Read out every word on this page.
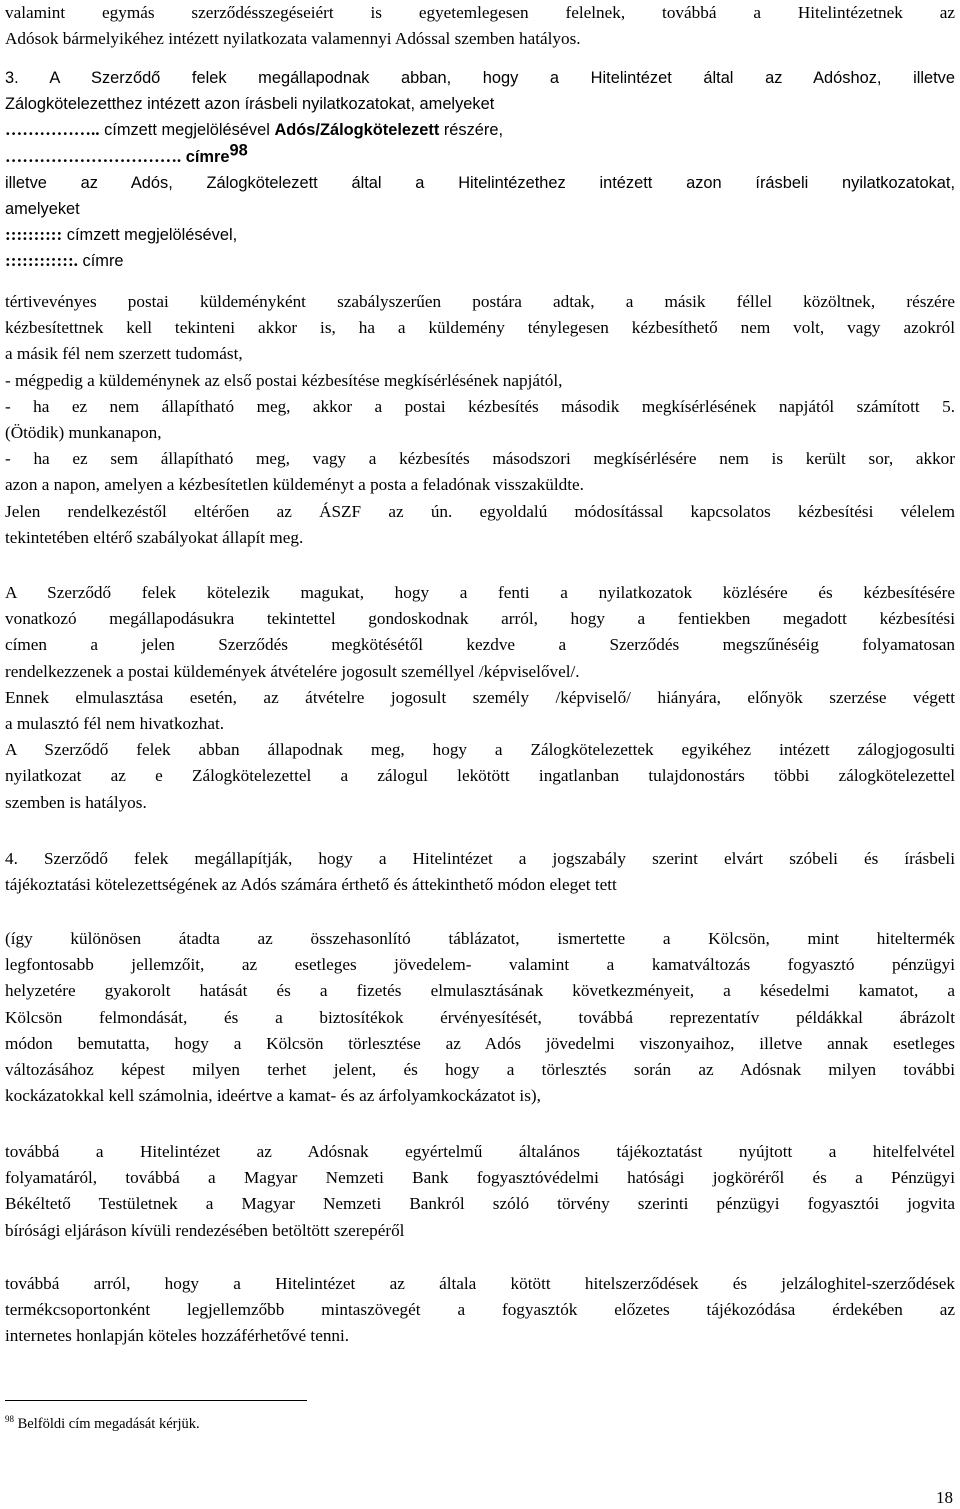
valamint egymás szerződésszegéseiért is egyetemlegesen felelnek, továbbá a Hitelintézetnek az
Adósok bármelyikéhez intézett nyilatkozata valamennyi Adóssal szemben hatályos.
3. A Szerződő felek megállapodnak abban, hogy a Hitelintézet által az Adóshoz, illetve
Zálogkötelezetthez intézett azon írásbeli nyilatkozatokat, amelyeket
…………….. címzett megjelölésével Adós/Zálogkötelezett részére,
…………………………. címre$^{98}$
illetve az Adós, Zálogkötelezett által a Hitelintézethez intézett azon írásbeli nyilatkozatokat,
amelyeket
:::::::::: címzett megjelölésével,
::::::::::::. címre
tértivevényes postai küldeményként szabályszerűen postára adtak, a másik féllel közöltnek, részére
kézbesítettnek kell tekinteni akkor is, ha a küldemény ténylegesen kézbesíthető nem volt, vagy azokról
a másik fél nem szerzett tudomást,
- mégpedig a küldeménynek az első postai kézbesítése megkísérlésének napjától,
- ha ez nem állapítható meg, akkor a postai kézbesítés második megkísérlésének napjától számított 5.
(Ötödik) munkanapon,
- ha ez sem állapítható meg, vagy a kézbesítés másodszori megkísérlésére nem is került sor, akkor
azon a napon, amelyen a kézbesítetlen küldeményt a posta a feladónak visszaküldte.
Jelen rendelkezéstől eltérően az ÁSZF az ún. egyoldalú módosítással kapcsolatos kézbesítési vélelem
tekintetében eltérő szabályokat állapít meg.
A Szerződő felek kötelezik magukat, hogy a fenti a nyilatkozatok közlésére és kézbesítésére
vonatkozó megállapodásukra tekintettel gondoskodnak arról, hogy a fentiekben megadott kézbesítési
címen a jelen Szerződés megkötésétől kezdve a Szerződés megszűnéséig folyamatosan
rendelkezzenek a postai küldemények átvételére jogosult személlyel /képviselővel/.
Ennek elmulasztása esetén, az átvételre jogosult személy /képviselő/ hiányára, előnyök szerzése végett
a mulasztó fél nem hivatkozhat.
A Szerződő felek abban állapodnak meg, hogy a Zálogkötelezettek egyikéhez intézett zálogjogosulti
nyilatkozat az e Zálogkötelezettel a zálogul lekötött ingatlanban tulajdonostárs többi zálogkötelezettel
szemben is hatályos.
4. Szerződő felek megállapítják, hogy a Hitelintézet a jogszabály szerint elvárt szóbeli és írásbeli
tájékoztatási kötelezettségének az Adós számára érthető és áttekinthető módon eleget tett
(így különösen átadta az összehasonlító táblázatot, ismertette a Kölcsön, mint hiteltermék
legfontosabb jellemzőit, az esetleges jövedelem- valamint a kamatváltozás fogyasztó pénzügyi
helyzetére gyakorolt hatását és a fizetés elmulasztásának következményeit, a késedelmi kamatot, a
Kölcsön felmondását, és a biztosítékok érvényesítését, továbbá reprezentatív példákkal ábrázolt
módon bemutatta, hogy a Kölcsön törlesztése az Adós jövedelmi viszonyaihoz, illetve annak esetleges
változásához képest milyen terhet jelent, és hogy a törlesztés során az Adósnak milyen további
kockázatokkal kell számolnia, ideértve a kamat- és az árfolyamkockázatot is),
továbbá a Hitelintézet az Adósnak egyértelmű általános tájékoztatást nyújtott a hitelfelvétel
folyamatáról, továbbá a Magyar Nemzeti Bank fogyasztóvédelmi hatósági jogköréről és a Pénzügyi
Békéltető Testületnek a Magyar Nemzeti Bankról szóló törvény szerinti pénzügyi fogyasztói jogvita
bírósági eljáráson kívüli rendezésében betöltött szerepéről
továbbá arról, hogy a Hitelintézet az általa kötött hitelszerződések és jelzáloghitel-szerződések
termékcsoportonként legjellemzőbb mintaszövegét a fogyasztók előzetes tájékozódása érdekében az
internetes honlapján köteles hozzáférhetővé tenni.
$^{98}$ Belföldi cím megadását kérjük.
18
